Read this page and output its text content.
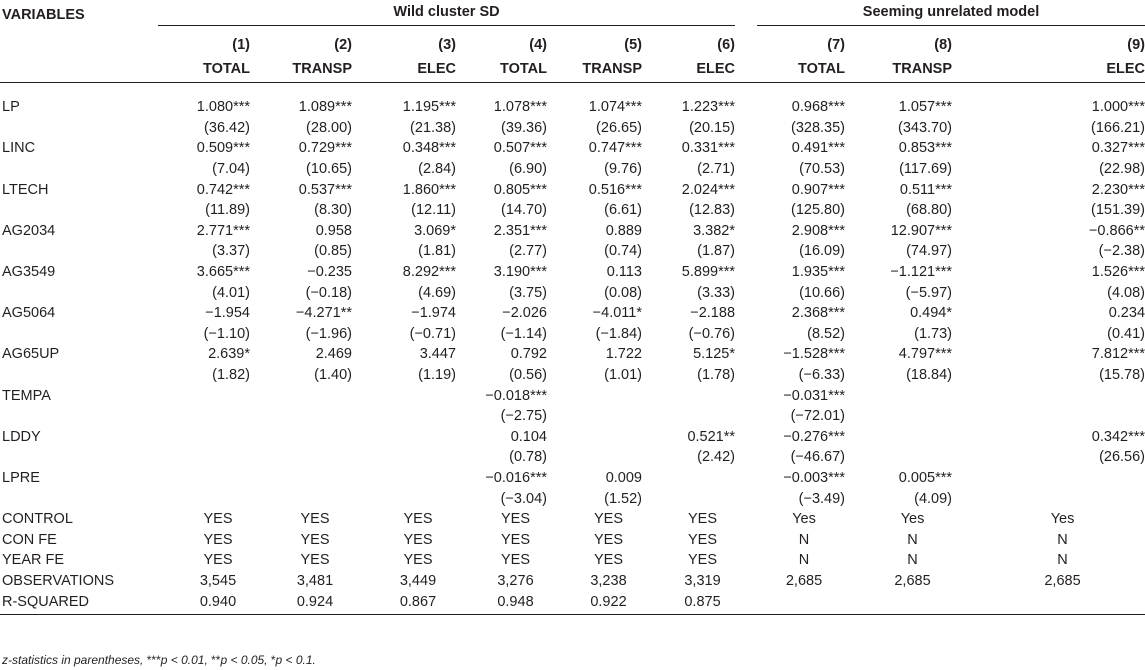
VARIABLES	Wild cluster SD						Seeming unrelated model		

	(1)	(2)	(3)	(4)	(5)	(6)	(7)	(8)	(9)
	TOTAL	TRANSP	ELEC	TOTAL	TRANSP	ELEC	TOTAL	TRANSP	ELEC
LP	1.080***	1.089***	1.195***	1.078***	1.074***	1.223***	0.968***	1.057***	1.000***
	(36.42)	(28.00)	(21.38)	(39.36)	(26.65)	(20.15)	(328.35)	(343.70)	(166.21)
LINC	0.509***	0.729***	0.348***	0.507***	0.747***	0.331***	0.491***	0.853***	0.327***
	(7.04)	(10.65)	(2.84)	(6.90)	(9.76)	(2.71)	(70.53)	(117.69)	(22.98)
LTECH	0.742***	0.537***	1.860***	0.805***	0.516***	2.024***	0.907***	0.511***	2.230***
	(11.89)	(8.30)	(12.11)	(14.70)	(6.61)	(12.83)	(125.80)	(68.80)	(151.39)
AG2034	2.771***	0.958	3.069*	2.351***	0.889	3.382*	2.908***	12.907***	−0.866**
	(3.37)	(0.85)	(1.81)	(2.77)	(0.74)	(1.87)	(16.09)	(74.97)	(−2.38)
AG3549	3.665***	−0.235	8.292***	3.190***	0.113	5.899***	1.935***	−1.121***	1.526***
	(4.01)	(−0.18)	(4.69)	(3.75)	(0.08)	(3.33)	(10.66)	(−5.97)	(4.08)
AG5064	−1.954	−4.271**	−1.974	−2.026	−4.011*	−2.188	2.368***	0.494*	0.234
	(−1.10)	(−1.96)	(−0.71)	(−1.14)	(−1.84)	(−0.76)	(8.52)	(1.73)	(0.41)
AG65UP	2.639*	2.469	3.447	0.792	1.722	5.125*	−1.528***	4.797***	7.812***
	(1.82)	(1.40)	(1.19)	(0.56)	(1.01)	(1.78)	(−6.33)	(18.84)	(15.78)
TEMPA				−0.018***			−0.031***		
				(−2.75)			(−72.01)		
LDDY				0.104		0.521**	−0.276***		0.342***
				(0.78)		(2.42)	(−46.67)		(26.56)
LPRE				−0.016***	0.009		−0.003***	0.005***	
				(−3.04)	(1.52)		(−3.49)	(4.09)	
CONTROL	YES	YES	YES	YES	YES	YES	Yes	Yes	Yes
CON FE	YES	YES	YES	YES	YES	YES	N	N	N
YEAR FE	YES	YES	YES	YES	YES	YES	N	N	N
OBSERVATIONS	3,545	3,481	3,449	3,276	3,238	3,319	2,685	2,685	2,685
R-SQUARED	0.940	0.924	0.867	0.948	0.922	0.875			
z-statistics in parentheses, ***p < 0.01, **p < 0.05, *p < 0.1.
